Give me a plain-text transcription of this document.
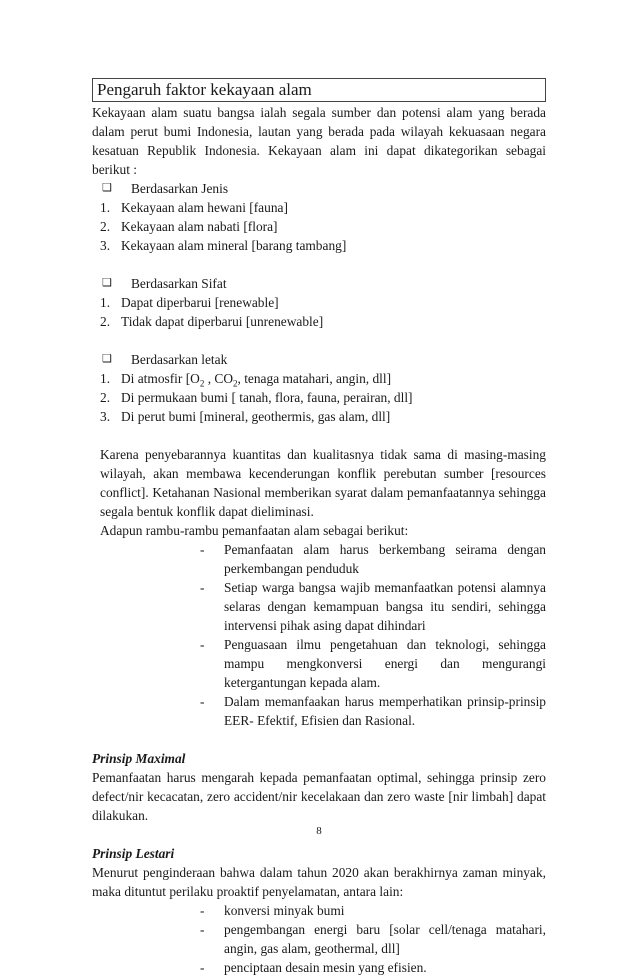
Pengaruh faktor kekayaan alam

Kekayaan alam suatu bangsa ialah segala sumber dan potensi alam yang berada dalam perut bumi Indonesia, lautan yang berada pada wilayah kekuasaan negara kesatuan Republik Indonesia. Kekayaan alam ini dapat dikategorikan sebagai berikut :

❑	Berdasarkan Jenis
1. Kekayaan alam hewani [fauna]
2. Kekayaan alam nabati [flora]
3. Kekayaan alam mineral [barang tambang]
❑	Berdasarkan Sifat
1. Dapat diperbarui [renewable]
2. Tidak dapat diperbarui [unrenewable]
❑	Berdasarkan letak
1. Di atmosfir [$O_2$ , $CO_2$, tenaga matahari, angin, dll]
2. Di permukaan bumi [ tanah, flora, fauna, perairan, dll]
3. Di perut bumi [mineral, geothermis, gas alam, dll]

Karena penyebarannya kuantitas dan kualitasnya tidak sama di masing-masing wilayah, akan membawa kecenderungan konflik perebutan sumber [resources conflict]. Ketahanan Nasional memberikan syarat dalam pemanfaatannya sehingga segala bentuk konflik dapat dieliminasi.

Adapun rambu-rambu pemanfaatan alam sebagai berikut:

-	Pemanfaatan alam harus berkembang seirama dengan perkembangan penduduk
-	Setiap warga bangsa wajib memanfaatkan potensi alamnya selaras dengan kemampuan bangsa itu sendiri, sehingga intervensi pihak asing dapat dihindari
-	Penguasaan ilmu pengetahuan dan teknologi, sehingga mampu mengkonversi energi dan mengurangi ketergantungan kepada alam.
-	Dalam memanfaakan harus memperhatikan prinsip-prinsip EER- Efektif, Efisien dan Rasional.
Prinsip Maximal

Pemanfaatan harus mengarah kepada pemanfaatan optimal, sehingga prinsip zero defect/nir kecacatan, zero accident/nir kecelakaan dan zero waste [nir limbah] dapat dilakukan.

Prinsip Lestari

Menurut penginderaan bahwa dalam tahun 2020 akan berakhirnya zaman minyak, maka dituntut perilaku proaktif penyelamatan, antara lain:

-	konversi minyak bumi
-	pengembangan energi baru [solar cell/tenaga matahari, angin, gas alam, geothermal, dll]
-	penciptaan desain mesin yang efisien.
8
